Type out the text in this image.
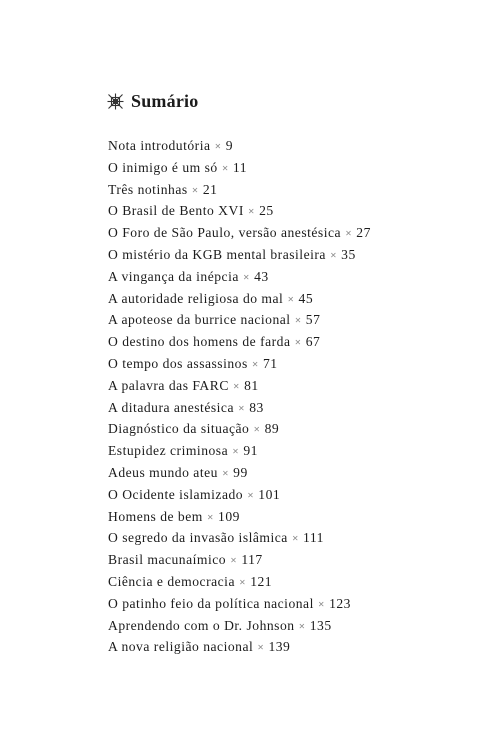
Sumário
Nota introdutória ✕ 9
O inimigo é um só ✕ 11
Três notinhas ✕ 21
O Brasil de Bento XVI ✕ 25
O Foro de São Paulo, versão anestésica ✕ 27
O mistério da KGB mental brasileira ✕ 35
A vingança da inépcia ✕ 43
A autoridade religiosa do mal ✕ 45
A apoteose da burrice nacional ✕ 57
O destino dos homens de farda ✕ 67
O tempo dos assassinos ✕ 71
A palavra das FARC ✕ 81
A ditadura anestésica ✕ 83
Diagnóstico da situação ✕ 89
Estupidez criminosa ✕ 91
Adeus mundo ateu ✕ 99
O Ocidente islamizado ✕ 101
Homens de bem ✕ 109
O segredo da invasão islâmica ✕ 111
Brasil macunaímico ✕ 117
Ciência e democracia ✕ 121
O patinho feio da política nacional ✕ 123
Aprendendo com o Dr. Johnson ✕ 135
A nova religião nacional ✕ 139
